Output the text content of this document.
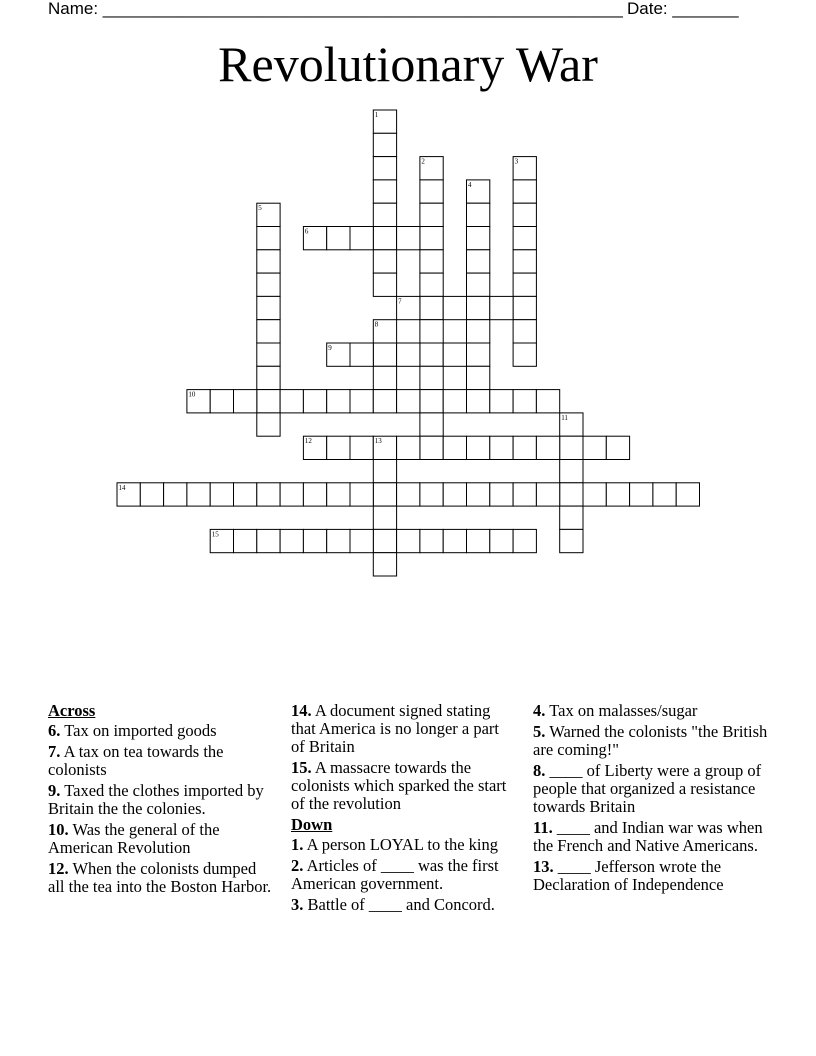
Name: _______________________________________________________ Date: _______
Revolutionary War
1
2	3
4
5
6
7
8
9
10
11
12	13
14
15
Across
6. Tax on imported goods
7. A tax on tea towards the colonists
9. Taxed the clothes imported by Britain the the colonies.
10. Was the general of the American Revolution
12. When the colonists dumped all the tea into the Boston Harbor.
14. A document signed stating that America is no longer a part of Britain
15. A massacre towards the colonists which sparked the start of the revolution
Down
1. A person LOYAL to the king
2. Articles of ____ was the first American government.
3. Battle of ____ and Concord.
4. Tax on malasses/sugar
5. Warned the colonists "the British are coming!"
8. ____ of Liberty were a group of people that organized a resistance towards Britain
11. ____ and Indian war was when the French and Native Americans.
13. ____ Jefferson wrote the Declaration of Independence
